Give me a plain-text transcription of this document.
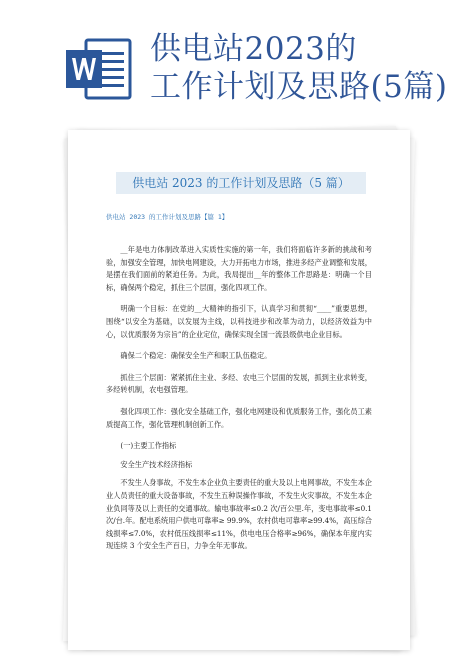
供电站2023的
工作计划及思路(5篇)
供电站 2023 的工作计划及思路（5 篇）
供电站 2023 的工作计划及思路【篇 1】

__年是电力体制改革进入实质性实施的第一年，我们将面临许多新的挑战和考验，加强安全管理，加快电网建设，大力开拓电力市场，推进多经产业调整和发展，是摆在我们面前的紧迫任务。为此，我局提出__年的整体工作思路是：明确一个目标，确保两个稳定，抓住三个层面，强化四项工作。

明确一个目标：在党的__大精神的指引下，认真学习和贯彻“____”重要思想，围绕“以安全为基础，以发展为主线，以科技进步和改革为动力，以经济效益为中心，以优质服务为宗旨”的企业定位，确保实现全国一流县级供电企业目标。

确保二个稳定：确保安全生产和职工队伍稳定。

抓住三个层面：紧紧抓住主业、多经、农电三个层面的发展，抓到主业求转变，多经转机制，农电强管理。

强化四项工作：强化安全基础工作，强化电网建设和优质服务工作，强化员工素质提高工作，强化管理机制创新工作。

(一)主要工作指标

安全生产技术经济指标

不发生人身事故，不发生本企业负主要责任的重大及以上电网事故，不发生本企业人员责任的重大设备事故，不发生五种误操作事故，不发生火灾事故，不发生本企业负同等及以上责任的交通事故。输电事故率≤0.2 次/百公里.年，变电事故率≤0.1 次/台.年。配电系统用户供电可靠率≥ 99.9%，农村供电可靠率≥99.4%，高压综合线损率≤7.0%，农村低压线损率≤11%，供电电压合格率≥96%，确保本年度内实现连续 3 个安全生产百日，力争全年无事故。
